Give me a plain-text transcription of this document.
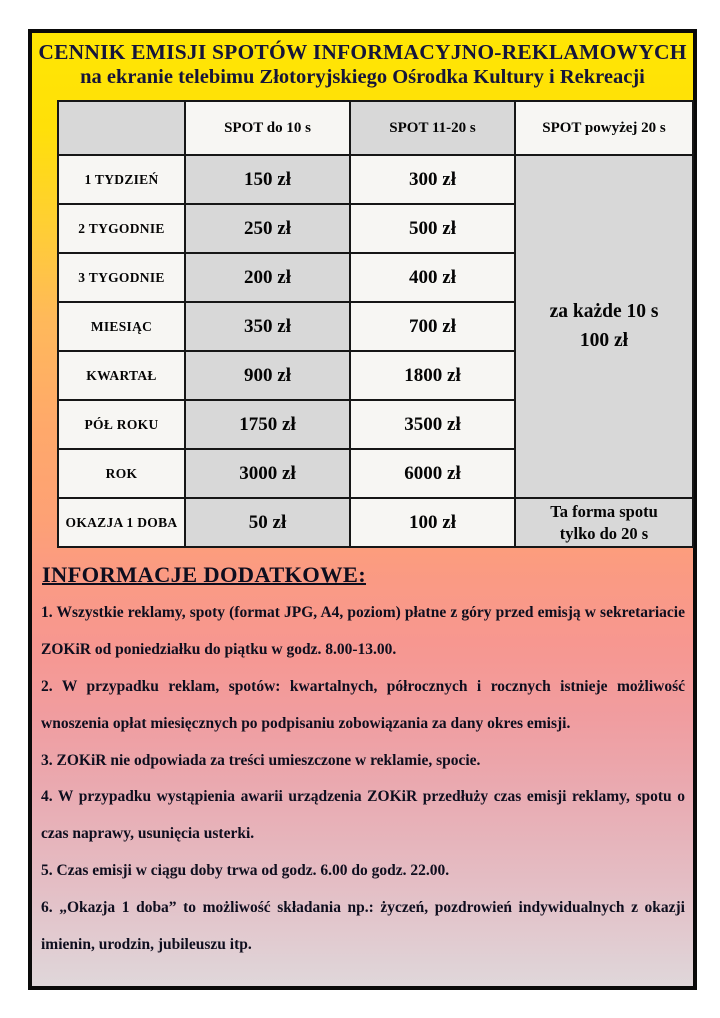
CENNIK EMISJI SPOTÓW INFORMACYJNO-REKLAMOWYCH
na ekranie telebimu Złotoryjskiego Ośrodka Kultury i Rekreacji
	SPOT do 10 s	SPOT 11-20 s	SPOT powyżej 20 s
1 TYDZIEŃ	150 zł	300 zł	za każde 10 s
100 zł

2 TYGODNIE	250 zł	500 zł	
3 TYGODNIE	200 zł	400 zł	
MIESIĄC	350 zł	700 zł	
KWARTAŁ	900 zł	1800 zł	
PÓŁ ROKU	1750 zł	3500 zł	
ROK	3000 zł	6000 zł	
OKAZJA 1 DOBA	50 zł	100 zł	Ta forma spotu
tylko do 20 s
INFORMACJE DODATKOWE:

1. Wszystkie reklamy, spoty (format JPG, A4, poziom) płatne z góry przed emisją w sekretariacie ZOKiR od poniedziałku do piątku w godz. 8.00-13.00.

2. W przypadku reklam, spotów: kwartalnych, półrocznych i rocznych istnieje możliwość wnoszenia opłat miesięcznych po podpisaniu zobowiązania za dany okres emisji.

3. ZOKiR nie odpowiada za treści umieszczone w reklamie, spocie.

4. W przypadku wystąpienia awarii urządzenia ZOKiR przedłuży czas emisji reklamy, spotu o czas naprawy, usunięcia usterki.

5. Czas emisji w ciągu doby trwa od godz. 6.00 do godz. 22.00.

6. „Okazja 1 doba” to możliwość składania np.: życzeń, pozdrowień indywidualnych z okazji imienin, urodzin, jubileuszu itp.
